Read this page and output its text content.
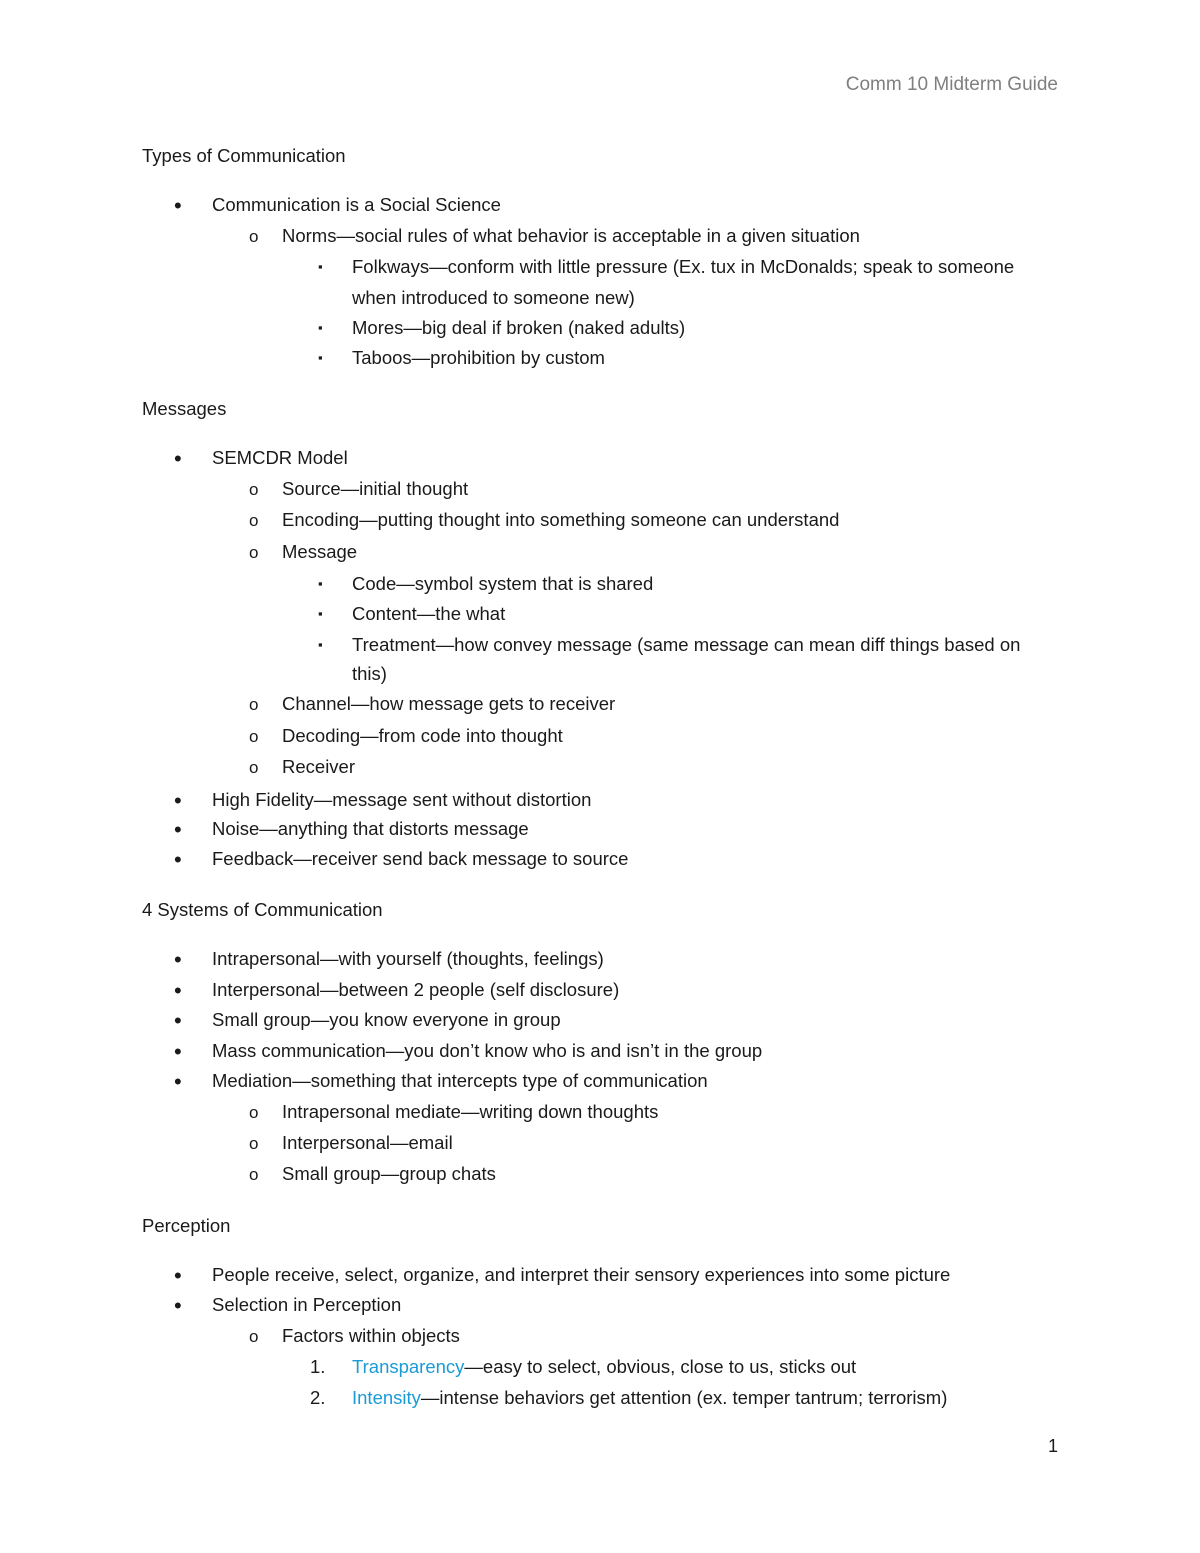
Comm 10 Midterm Guide
1
Types of Communication
• Communication is a Social Science
o Norms—social rules of what behavior is acceptable in a given situation
▪ Folkways—conform with little pressure (Ex. tux in McDonalds; speak to someone
when introduced to someone new)
▪ Mores—big deal if broken (naked adults)
▪ Taboos—prohibition by custom
Messages
• SEMCDR Model
o Source—initial thought
o Encoding—putting thought into something someone can understand
o Message
▪ Code—symbol system that is shared
▪ Content—the what
▪ Treatment—how convey message (same message can mean diff things based on
this)
o Channel—how message gets to receiver
o Decoding—from code into thought
o Receiver
• High Fidelity—message sent without distortion
• Noise—anything that distorts message
• Feedback—receiver send back message to source
4 Systems of Communication
• Intrapersonal—with yourself (thoughts, feelings)
• Interpersonal—between 2 people (self disclosure)
• Small group—you know everyone in group
• Mass communication—you don’t know who is and isn’t in the group
• Mediation—something that intercepts type of communication
o Intrapersonal mediate—writing down thoughts
o Interpersonal—email
o Small group—group chats
Perception
• People receive, select, organize, and interpret their sensory experiences into some picture
• Selection in Perception
o Factors within objects
1. Transparency—easy to select, obvious, close to us, sticks out
2. Intensity—intense behaviors get attention (ex. temper tantrum; terrorism)
